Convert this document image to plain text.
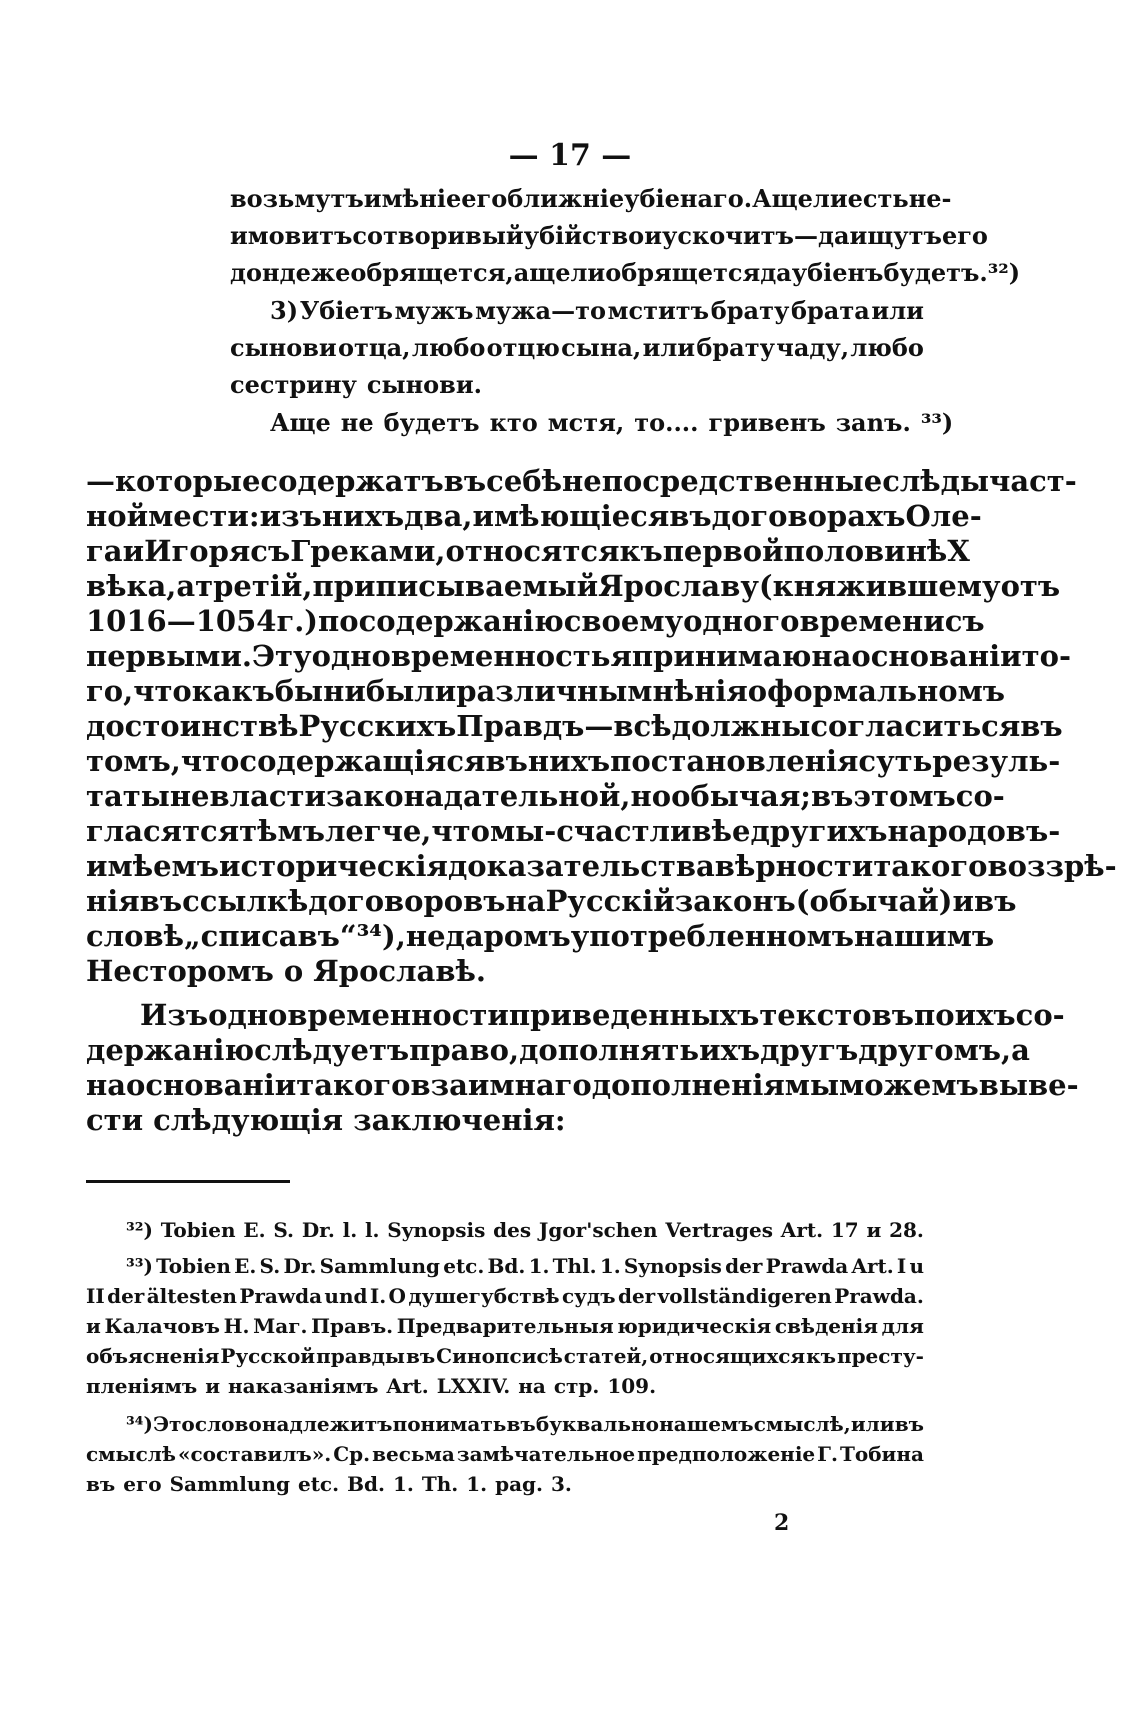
— 17 —
возьмутъ имѣніе его ближніе убіенаго. Аще ли есть не-
имовитъ сотворивый убійство и ускочитъ—да ищутъ его
дондеже обрящется, ащели обрящется да убіенъбудетъ. ³²)
3) Убіетъ мужъ мужа—то мститъ брату брата или
сынови отца, любо отцю сына, или брату чаду, любо
сестрину сынови.
Аще не будетъ кто мстя, то.... гривенъ заnъ. ³³)
—которые содержатъ въ себѣ непосредственные слѣды част-
ной мести: изъ нихъ два, имѣющіеся въ договорахъ Оле-
га и Игоря съ Греками, относятся къ первой половинѣ X
вѣка, а третій, приписываемый Ярославу (княжившему отъ
1016—1054 г.) по содержанію своему одного времени съ
первыми. Эту одновременность я принимаю на основаніи то-
го, что какъ бы ни были различны мнѣнія о формальномъ
достоинствѣ Русскихъ Правдъ—всѣ должны согласиться въ
томъ, что содержащіяся въ нихъ постановленія суть резуль-
таты не власти законадательной, но обычая; въ этомъ со-
гласятся тѣмъ легче, что мы-счастливѣе другихъ народовъ-
имѣемъ историческія доказательства вѣрности такого воззрѣ-
нія въ ссылкѣ договоровъ на Русскій законъ (обычай) и въ
словѣ „списавъ“ ³⁴), не даромъ употребленномъ нашимъ
Несторомъ о Ярославѣ.
Изъ одновременности приведенныхъ текстовъ по ихъ со-
держанію слѣдуетъ право, дополнять ихъ другъ другомъ, а
на основаніи такого взаимнаго дополненія мы можемъ выве-
сти слѣдующія заключенія:
³²) Tobien E. S. Dr. l. l. Synopsis des Jgor'schen Vertrages Art. 17 и 28.
³³) Tobien E. S. Dr. Sammlung etc. Bd. 1. Thl. 1. Synopsis der Prawda Art. I u
II der ältesten Prawda und I. О душегубствѣ судъ der vollständigeren Prawda.
и Калачовъ Н. Маг. Правъ. Предварительныя юридическія свѣденія для
объясненія Русской правды въ Синопсисѣ статей, относящихся къ престу-
пленіямъ и наказаніямъ Art. LXXIV. на стр. 109.
³⁴) Это слово надлежитъ понимать въ буквально нашемъ смыслѣ, или въ
смыслѣ «составилъ». Ср. весьма замѣчательное предположеніе Г. Тобина
въ его Sammlung etc. Bd. 1. Th. 1. pag. 3.
2
